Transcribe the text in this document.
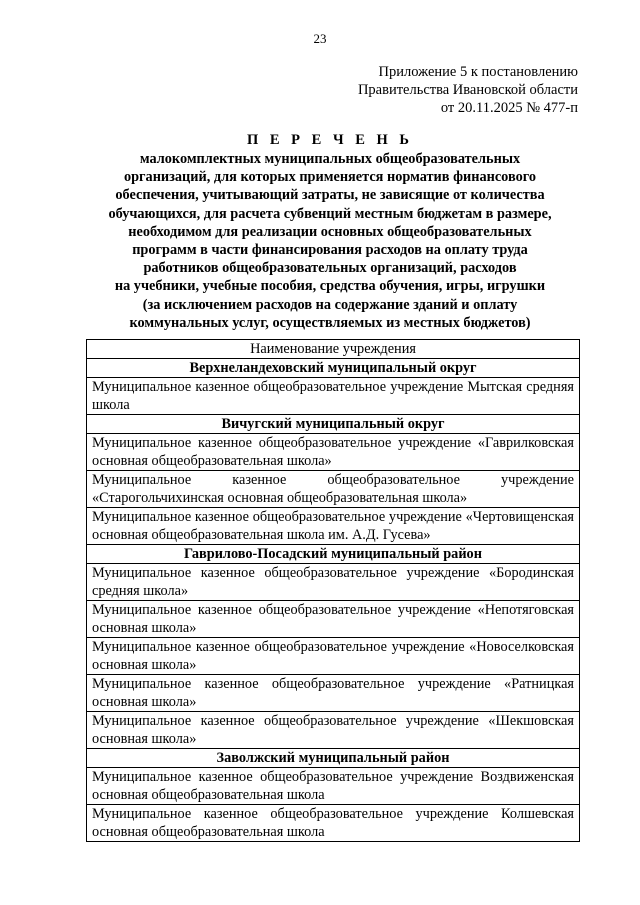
23
Приложение 5 к постановлению
Правительства Ивановской области
от 20.11.2025 № 477-п
П Е Р Е Ч Е Н Ь
малокомплектных муниципальных общеобразовательных
организаций, для которых применяется норматив финансового
обеспечения, учитывающий затраты, не зависящие от количества
обучающихся, для расчета субвенций местным бюджетам в размере,
необходимом для реализации основных общеобразовательных
программ в части финансирования расходов на оплату труда
работников общеобразовательных организаций, расходов
на учебники, учебные пособия, средства обучения, игры, игрушки
(за исключением расходов на содержание зданий и оплату
коммунальных услуг, осуществляемых из местных бюджетов)
Наименование учреждения
Верхнеландеховский муниципальный округ
Муниципальное казенное общеобразовательное учреждение Мытская средняя школа
Вичугский муниципальный округ
Муниципальное казенное общеобразовательное учреждение «Гаврилковская основная общеобразовательная школа»
Муниципальное казенное общеобразовательное учреждение «Старогольчихинская основная общеобразовательная школа»
Муниципальное казенное общеобразовательное учреждение «Чертовищенская основная общеобразовательная школа им. А.Д. Гусева»
Гаврилово-Посадский муниципальный район
Муниципальное казенное общеобразовательное учреждение «Бородинская средняя школа»
Муниципальное казенное общеобразовательное учреждение «Непотяговская основная школа»
Муниципальное казенное общеобразовательное учреждение «Новоселковская основная школа»
Муниципальное казенное общеобразовательное учреждение «Ратницкая основная школа»
Муниципальное казенное общеобразовательное учреждение «Шекшовская основная школа»
Заволжский муниципальный район
Муниципальное казенное общеобразовательное учреждение Воздвиженская основная общеобразовательная школа
Муниципальное казенное общеобразовательное учреждение Колшевская основная общеобразовательная школа
